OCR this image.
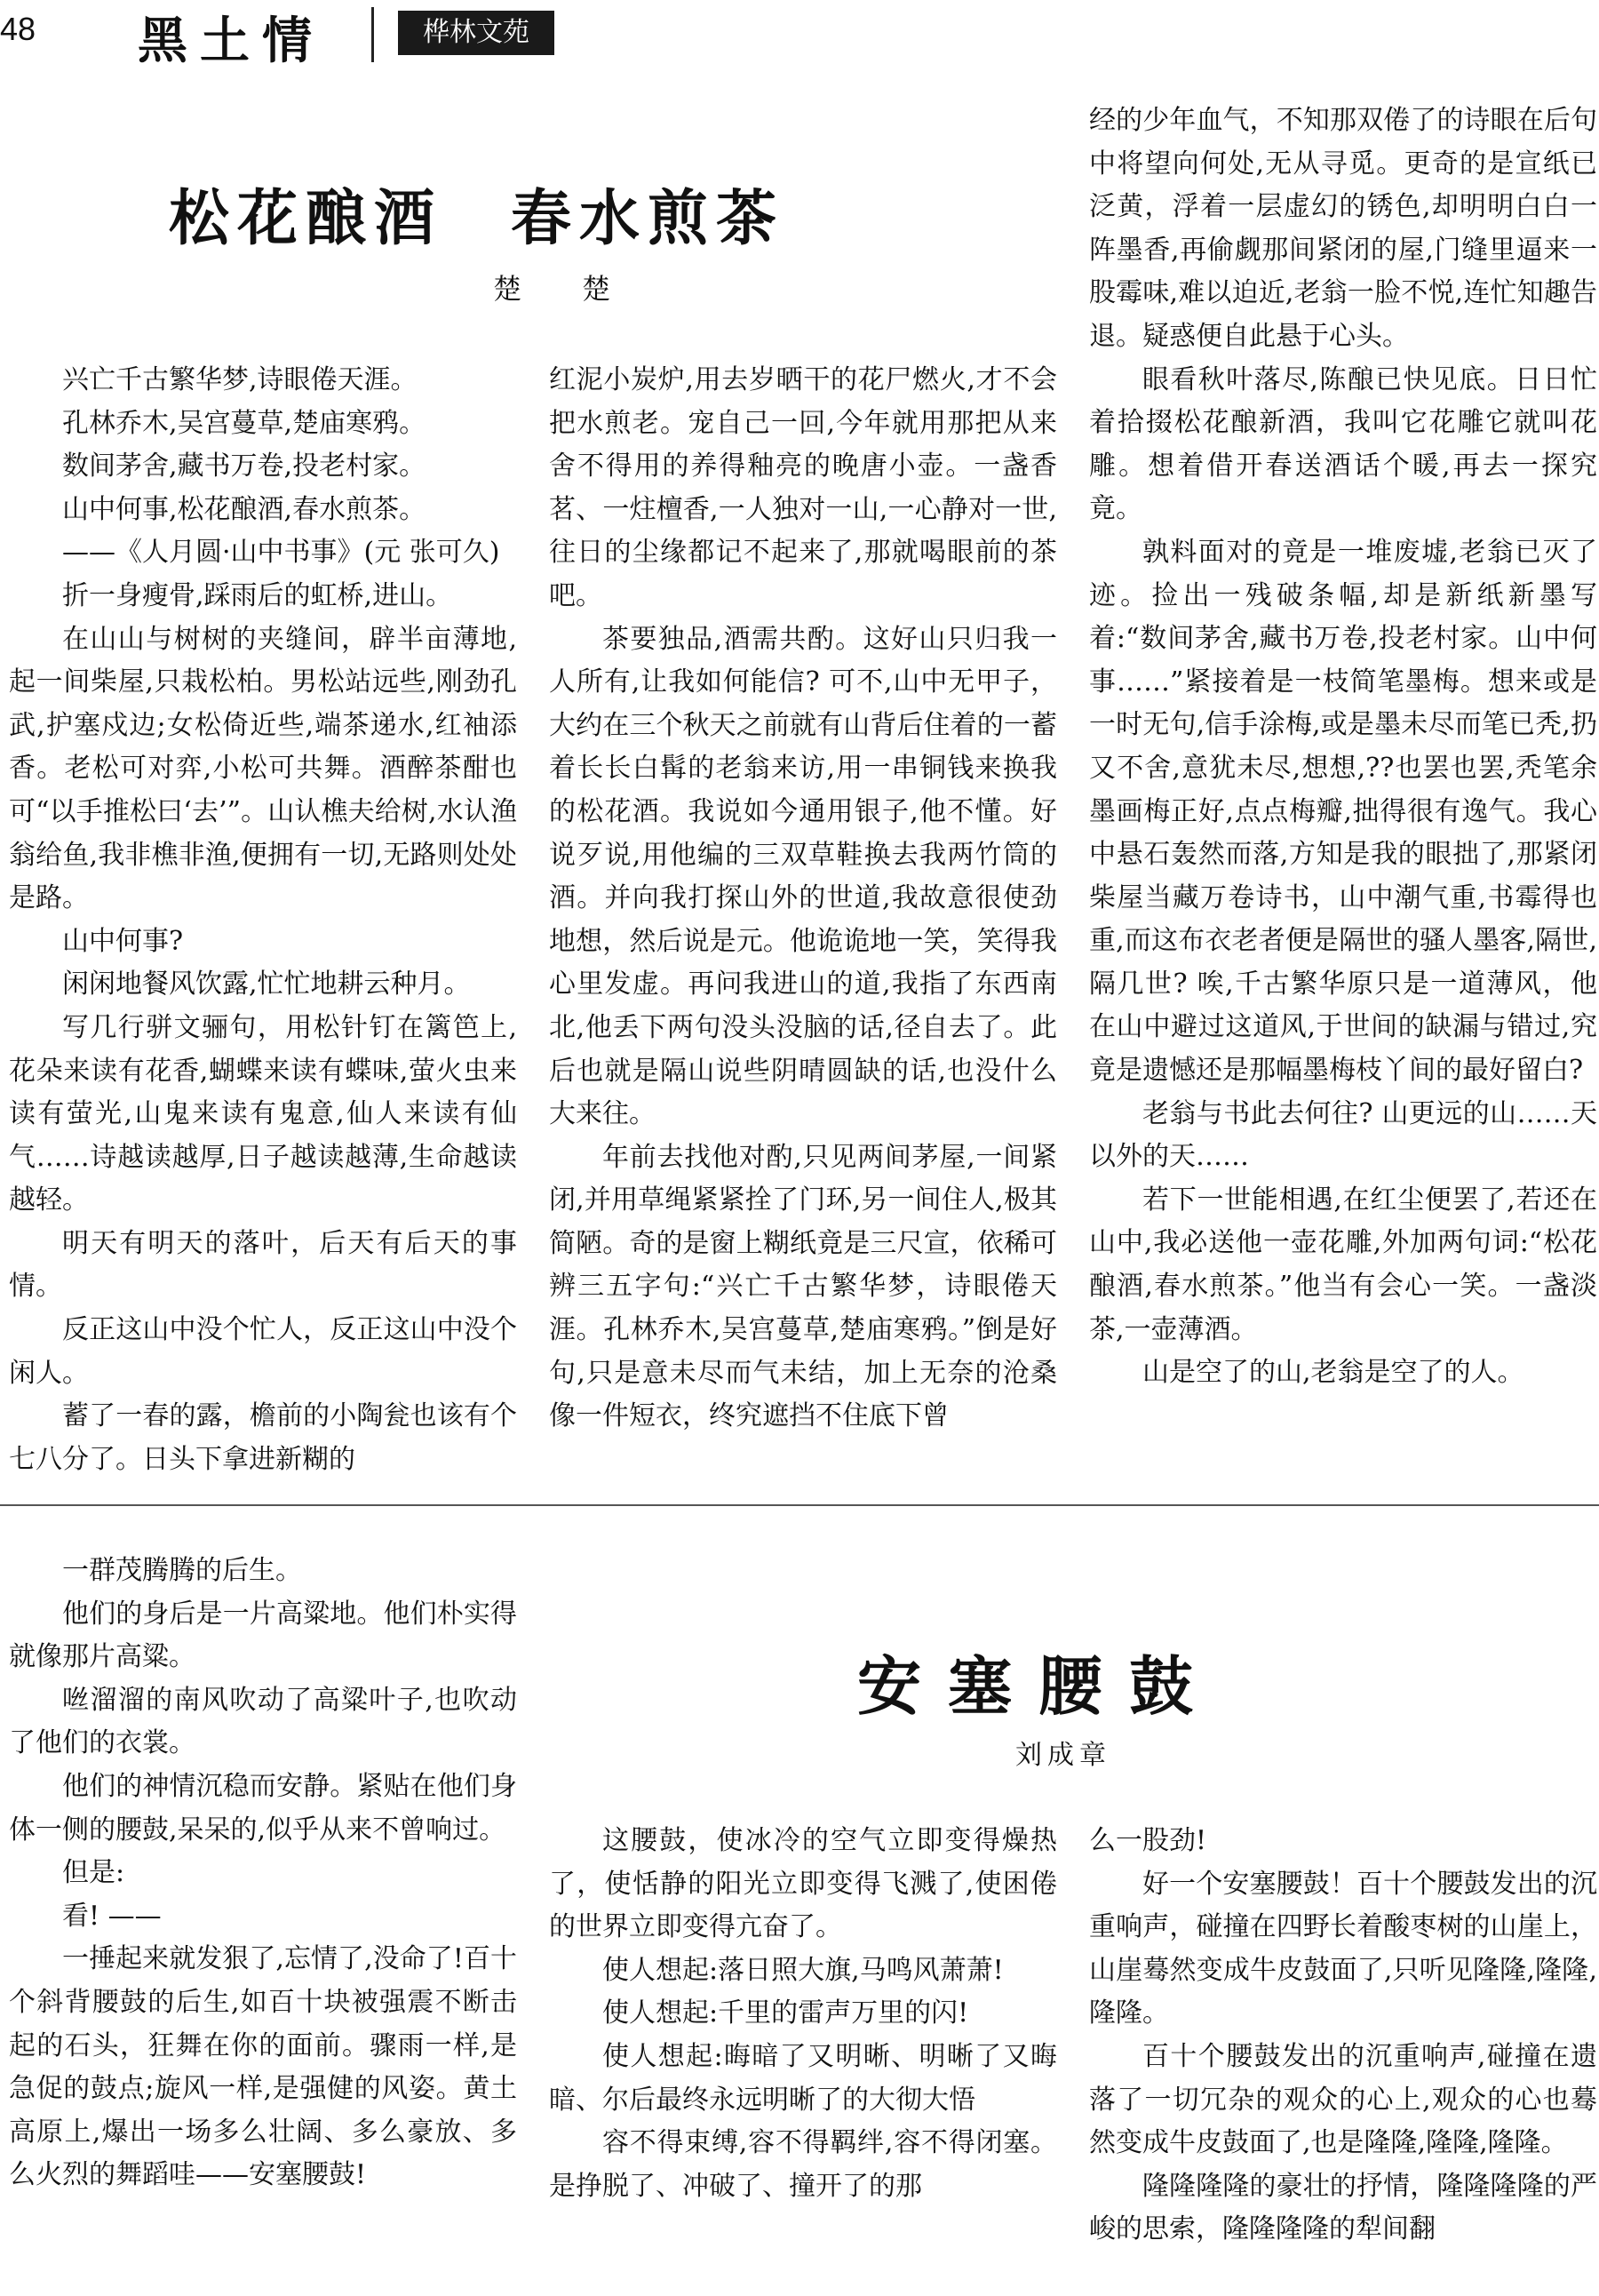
48 黑土情	桦林文苑
松花酿酒　春水煎茶
楚　楚

兴亡千古繁华梦,诗眼倦天涯。

孔林乔木,吴宫蔓草,楚庙寒鸦。

数间茅舍,藏书万卷,投老村家。

山中何事,松花酿酒,春水煎茶。

——《人月圆·山中书事》(元 张可久)

折一身瘦骨,踩雨后的虹桥,进山。

在山山与树树的夹缝间，辟半亩薄地,起一间柴屋,只栽松柏。男松站远些,刚劲孔武,护塞戍边;女松倚近些,端茶递水,红袖添香。老松可对弈,小松可共舞。酒醉茶酣也可“以手推松曰‘去’”。山认樵夫给树,水认渔翁给鱼,我非樵非渔,便拥有一切,无路则处处是路。

山中何事?

闲闲地餐风饮露,忙忙地耕云种月。

写几行骈文骊句，用松针钉在篱笆上,花朵来读有花香,蝴蝶来读有蝶味,萤火虫来读有萤光,山鬼来读有鬼意,仙人来读有仙气……诗越读越厚,日子越读越薄,生命越读越轻。

明天有明天的落叶，后天有后天的事情。

反正这山中没个忙人，反正这山中没个闲人。

蓄了一春的露，檐前的小陶瓮也该有个七八分了。日头下拿进新糊的

红泥小炭炉,用去岁晒干的花尸燃火,才不会把水煎老。宠自己一回,今年就用那把从来舍不得用的养得釉亮的晚唐小壶。一盏香茗、一炷檀香,一人独对一山,一心静对一世,往日的尘缘都记不起来了,那就喝眼前的茶吧。

茶要独品,酒需共酌。这好山只归我一人所有,让我如何能信? 可不,山中无甲子，大约在三个秋天之前就有山背后住着的一蓄着长长白髯的老翁来访,用一串铜钱来换我的松花酒。我说如今通用银子,他不懂。好说歹说,用他编的三双草鞋换去我两竹筒的酒。并向我打探山外的世道,我故意很使劲地想，然后说是元。他诡诡地一笑，笑得我心里发虚。再问我进山的道,我指了东西南北,他丢下两句没头没脑的话,径自去了。此后也就是隔山说些阴晴圆缺的话,也没什么大来往。

年前去找他对酌,只见两间茅屋,一间紧闭,并用草绳紧紧拴了门环,另一间住人,极其简陋。奇的是窗上糊纸竟是三尺宣，依稀可辨三五字句:“兴亡千古繁华梦，诗眼倦天涯。孔林乔木,吴宫蔓草,楚庙寒鸦。”倒是好句,只是意未尽而气未结，加上无奈的沧桑像一件短衣，终究遮挡不住底下曾

经的少年血气，不知那双倦了的诗眼在后句中将望向何处,无从寻觅。更奇的是宣纸已泛黄，浮着一层虚幻的锈色,却明明白白一阵墨香,再偷觑那间紧闭的屋,门缝里逼来一股霉味,难以迫近,老翁一脸不悦,连忙知趣告退。疑惑便自此悬于心头。

眼看秋叶落尽,陈酿已快见底。日日忙着拾掇松花酿新酒，我叫它花雕它就叫花雕。想着借开春送酒话个暖,再去一探究竟。

孰料面对的竟是一堆废墟,老翁已灭了迹。捡出一残破条幅,却是新纸新墨写着:“数间茅舍,藏书万卷,投老村家。山中何事……”紧接着是一枝简笔墨梅。想来或是一时无句,信手涂梅,或是墨未尽而笔已秃,扔又不舍,意犹未尽,想想,??也罢也罢,秃笔余墨画梅正好,点点梅瓣,拙得很有逸气。我心中悬石轰然而落,方知是我的眼拙了,那紧闭柴屋当藏万卷诗书，山中潮气重,书霉得也重,而这布衣老者便是隔世的骚人墨客,隔世,隔几世? 唉,千古繁华原只是一道薄风，他在山中避过这道风,于世间的缺漏与错过,究竟是遗憾还是那幅墨梅枝丫间的最好留白?

老翁与书此去何往? 山更远的山……天以外的天……

若下一世能相遇,在红尘便罢了,若还在山中,我必送他一壶花雕,外加两句词:“松花酿酒,春水煎茶。”他当有会心一笑。一盏淡茶,一壶薄酒。

山是空了的山,老翁是空了的人。

一群茂腾腾的后生。

他们的身后是一片高粱地。他们朴实得就像那片高粱。

咝溜溜的南风吹动了高粱叶子,也吹动了他们的衣裳。

他们的神情沉稳而安静。紧贴在他们身体一侧的腰鼓,呆呆的,似乎从来不曾响过。

但是:

看! ——

一捶起来就发狠了,忘情了,没命了!百十个斜背腰鼓的后生,如百十块被强震不断击起的石头，狂舞在你的面前。骤雨一样,是急促的鼓点;旋风一样,是强健的风姿。黄土高原上,爆出一场多么壮阔、多么豪放、多么火烈的舞蹈哇——安塞腰鼓!

安塞腰鼓
刘成章

这腰鼓，使冰冷的空气立即变得燥热了，使恬静的阳光立即变得飞溅了,使困倦的世界立即变得亢奋了。

使人想起:落日照大旗,马鸣风萧萧!

使人想起:千里的雷声万里的闪!

使人想起:晦暗了又明晰、明晰了又晦暗、尔后最终永远明晰了的大彻大悟

容不得束缚,容不得羁绊,容不得闭塞。是挣脱了、冲破了、撞开了的那

么一股劲!

好一个安塞腰鼓！百十个腰鼓发出的沉重响声，碰撞在四野长着酸枣树的山崖上，山崖蓦然变成牛皮鼓面了,只听见隆隆,隆隆,隆隆。

百十个腰鼓发出的沉重响声,碰撞在遗落了一切冗杂的观众的心上,观众的心也蓦然变成牛皮鼓面了,也是隆隆,隆隆,隆隆。

隆隆隆隆的豪壮的抒情，隆隆隆隆的严峻的思索，隆隆隆隆的犁间翻
